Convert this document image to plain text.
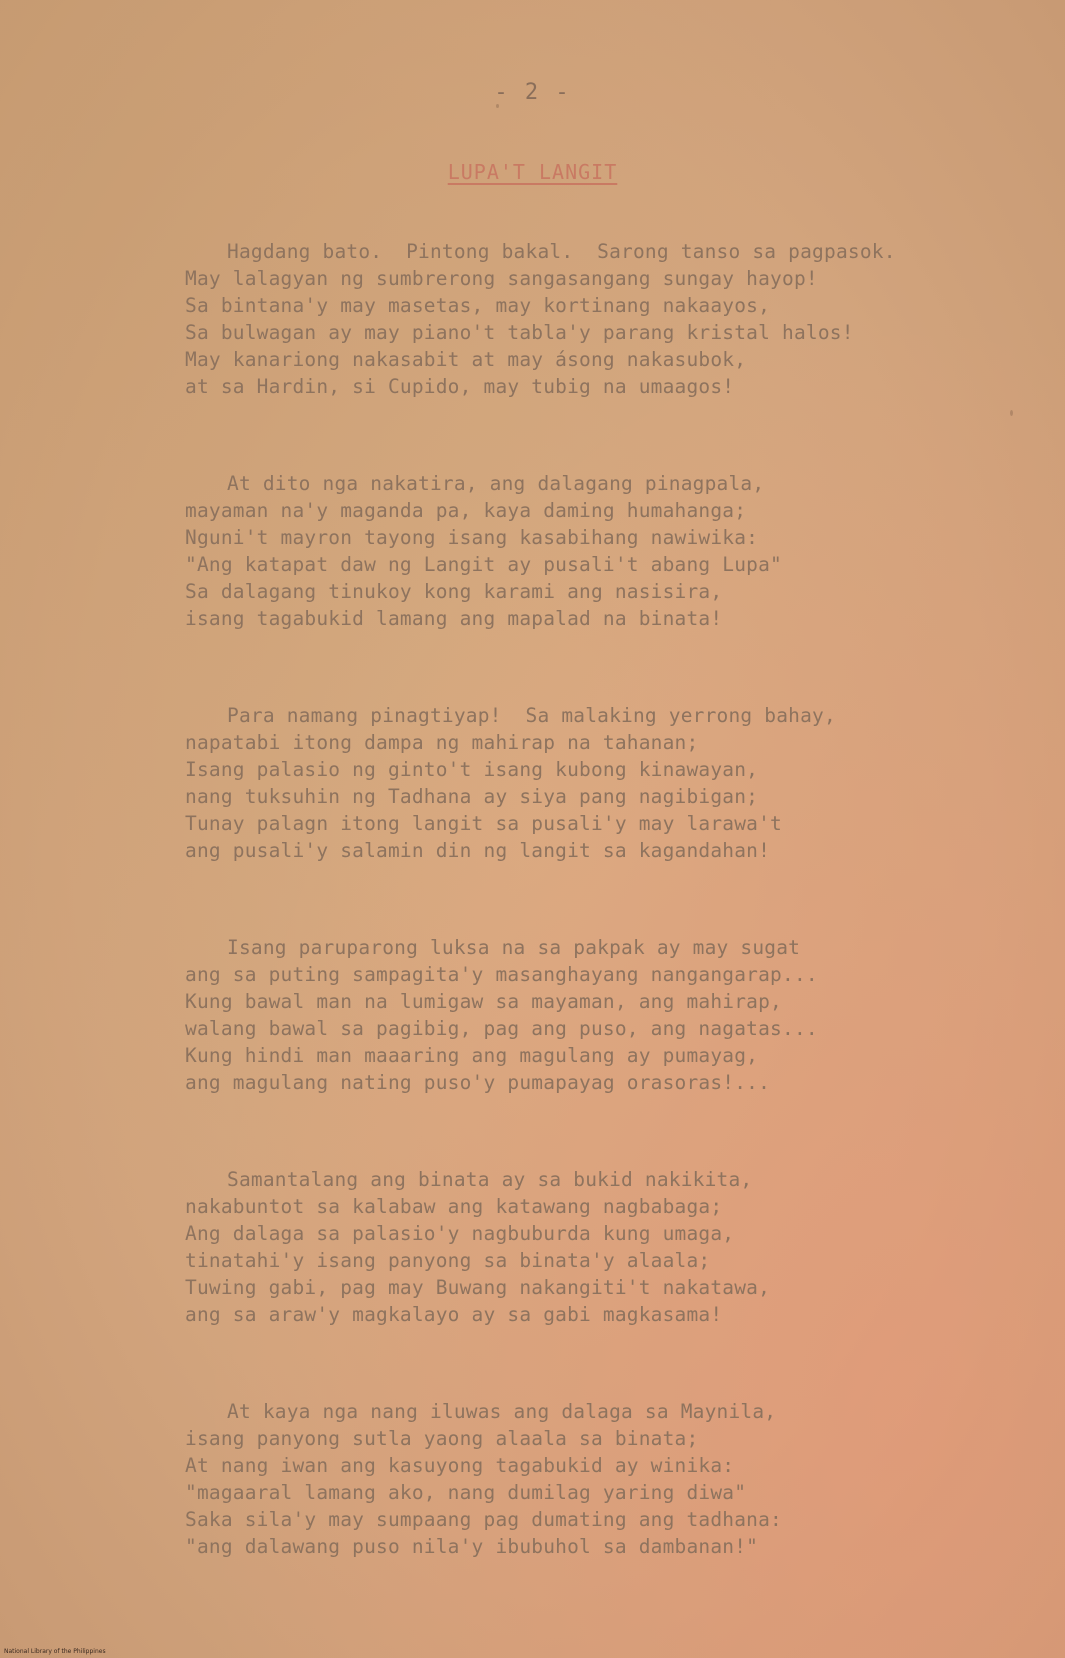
- 2 -
LUPA'T LANGIT
Hagdang bato.  Pintong bakal.  Sarong tanso sa pagpasok.
May lalagyan ng sumbrerong sangasangang sungay hayop!
Sa bintana'y may masetas, may kortinang nakaayos,
Sa bulwagan ay may piano't tabla'y parang kristal halos!
May kanariong nakasabit at may ásong nakasubok,
at sa Hardin, si Cupido, may tubig na umaagos!
At dito nga nakatira, ang dalagang pinagpala,
mayaman na'y maganda pa, kaya daming humahanga;
Nguni't mayron tayong isang kasabihang nawiwika:
"Ang katapat daw ng Langit ay pusali't abang Lupa"
Sa dalagang tinukoy kong karami ang nasisira,
isang tagabukid lamang ang mapalad na binata!
Para namang pinagtiyap!  Sa malaking yerrong bahay,
napatabi itong dampa ng mahirap na tahanan;
Isang palasio ng ginto't isang kubong kinawayan,
nang tuksuhin ng Tadhana ay siya pang nagibigan;
Tunay palagn itong langit sa pusali'y may larawa't
ang pusali'y salamin din ng langit sa kagandahan!
Isang paruparong luksa na sa pakpak ay may sugat
ang sa puting sampagita'y masanghayang nangangarap...
Kung bawal man na lumigaw sa mayaman, ang mahirap,
walang bawal sa pagibig, pag ang puso, ang nagatas...
Kung hindi man maaaring ang magulang ay pumayag,
ang magulang nating puso'y pumapayag orasoras!...
Samantalang ang binata ay sa bukid nakikita,
nakabuntot sa kalabaw ang katawang nagbabaga;
Ang dalaga sa palasio'y nagbuburda kung umaga,
tinatahi'y isang panyong sa binata'y alaala;
Tuwing gabi, pag may Buwang nakangiti't nakatawa,
ang sa araw'y magkalayo ay sa gabi magkasama!
At kaya nga nang iluwas ang dalaga sa Maynila,
isang panyong sutla yaong alaala sa binata;
At nang iwan ang kasuyong tagabukid ay winika:
"magaaral lamang ako, nang dumilag yaring diwa"
Saka sila'y may sumpaang pag dumating ang tadhana:
"ang dalawang puso nila'y ibubuhol sa dambanan!"
National Library of the Philippines
